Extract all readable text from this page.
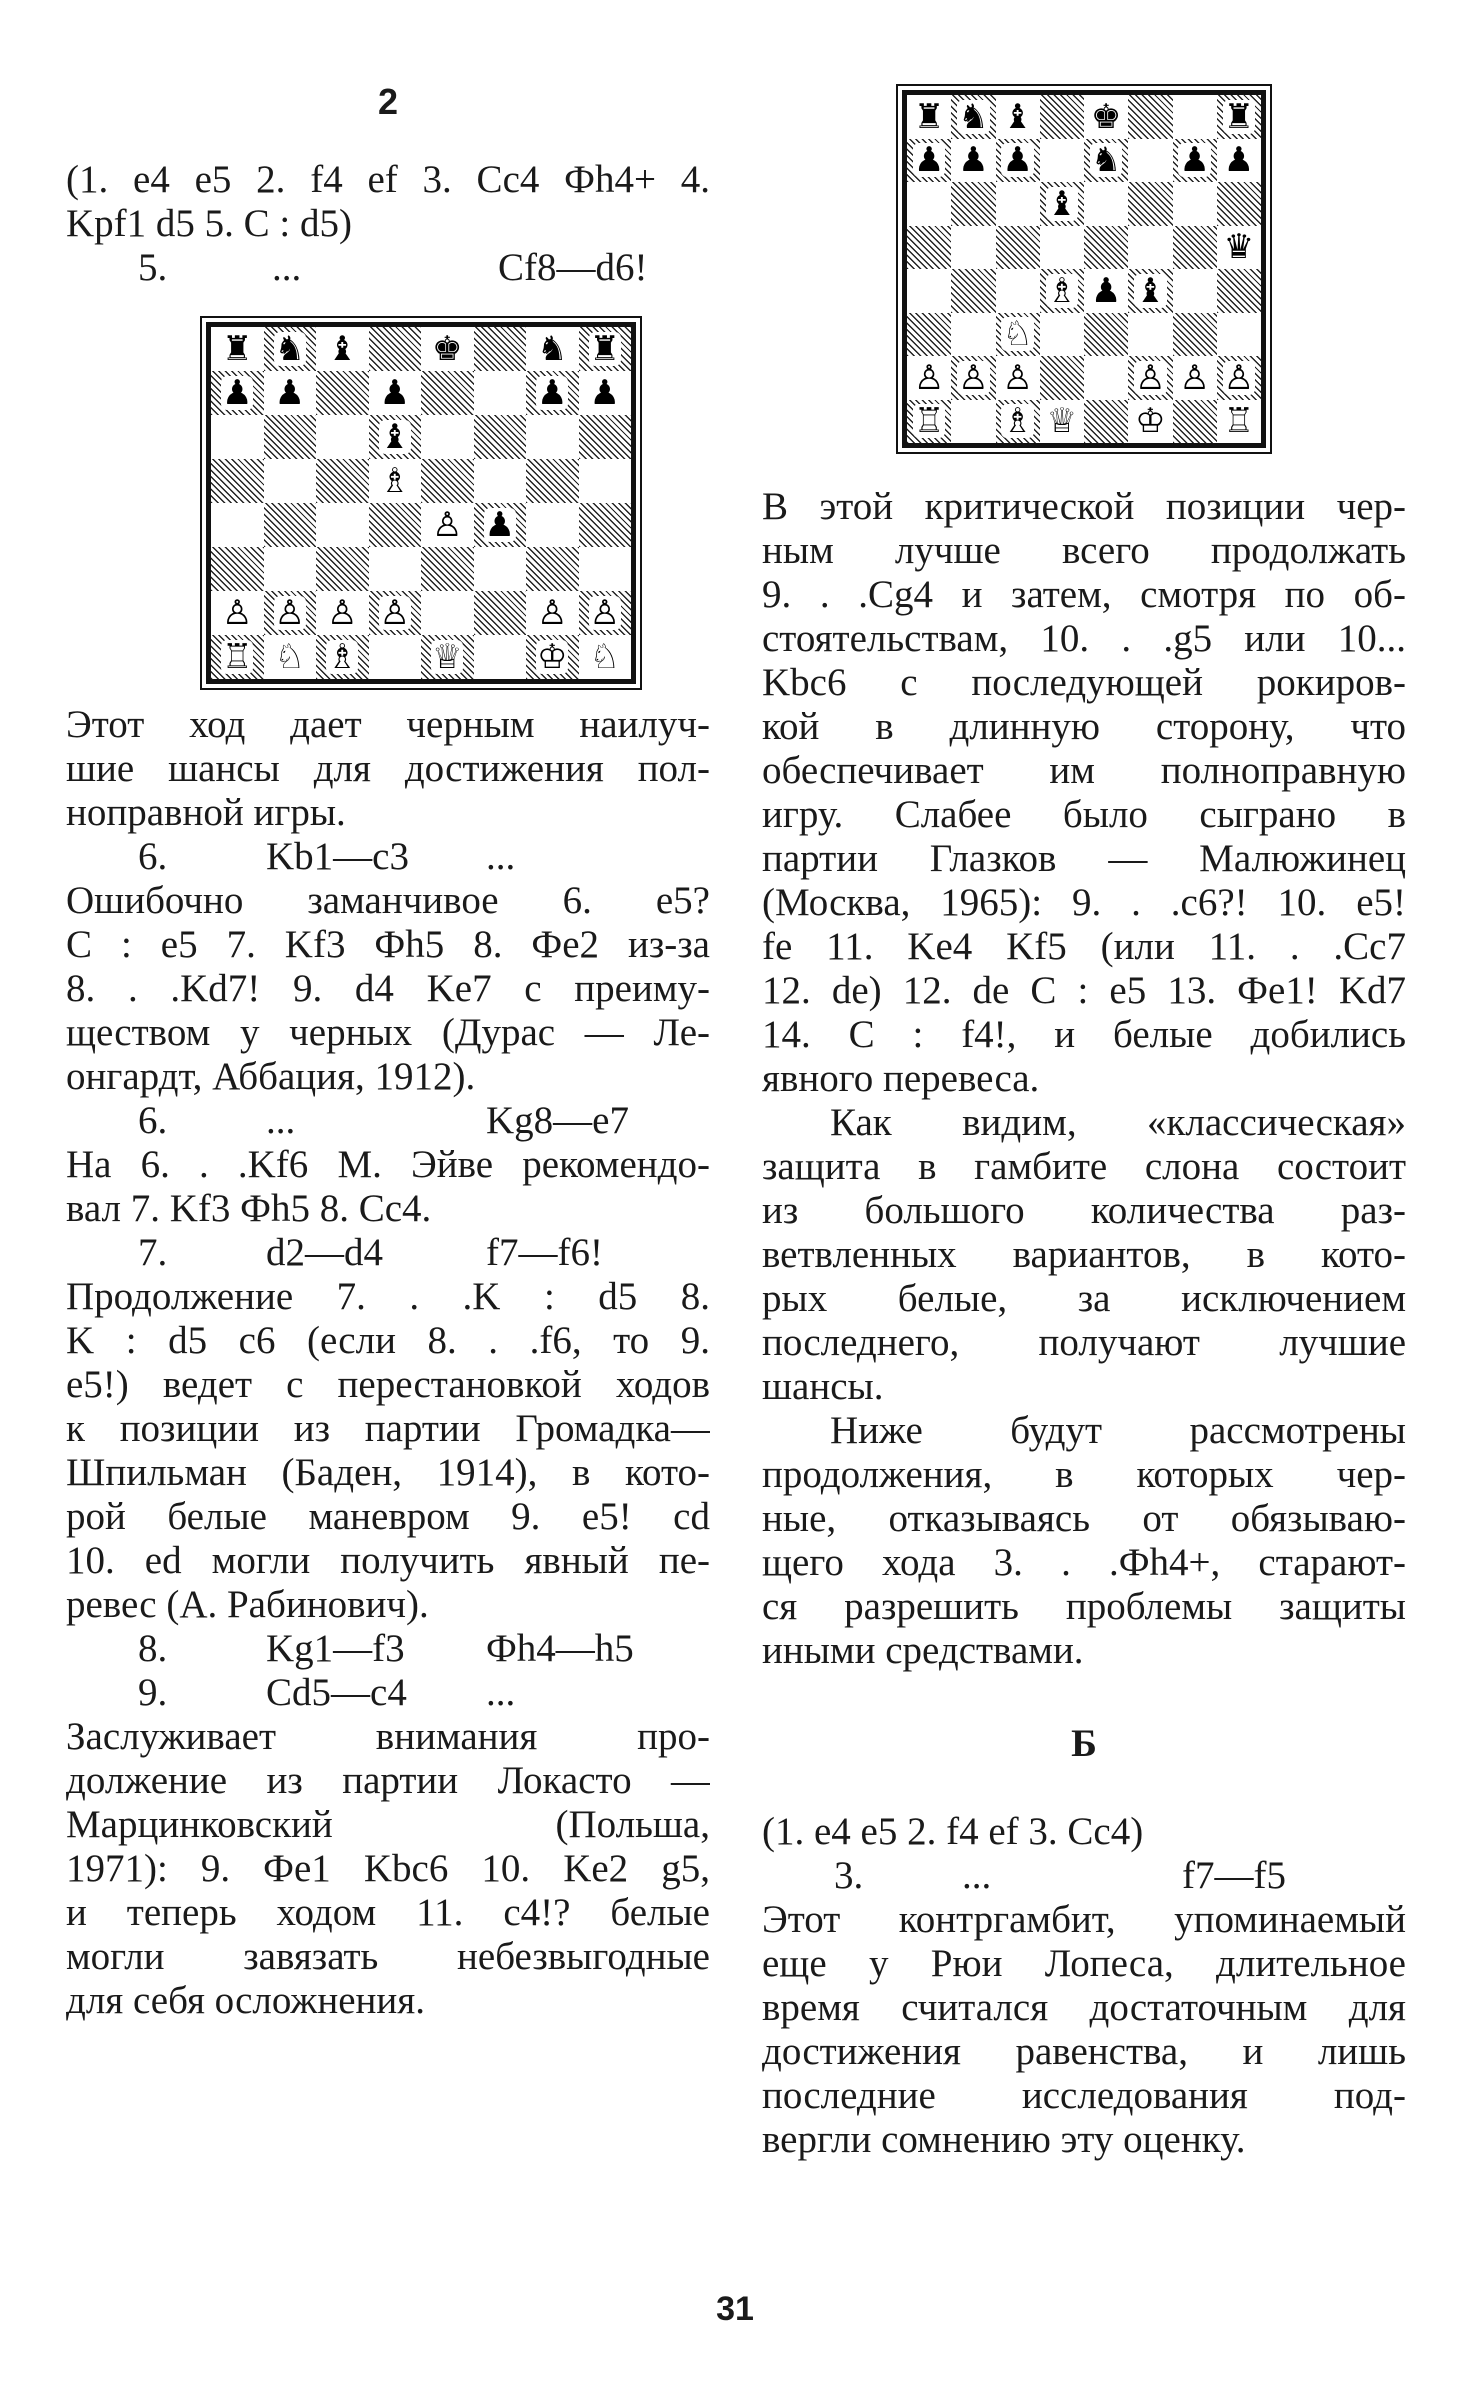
2
(1. e4 e5 2. f4 ef 3. Cc4 Фh4+ 4.
Kpf1 d5 5. C : d5)
5.	...	Cf8—d6!
♜ ♞ ♝ ♚ ♞ ♜
♟ ♟ ♟	♟ ♟
♝
♗
♙ ♟
♙ ♙ ♙ ♙	♙ ♙
♖ ♘ ♗ ♕ ♔ ♘
Этот ход дает черным наилуч-
шие шансы для достижения пол-
ноправной игры.
6.	Kb1—c3 ...
Ошибочно заманчивое 6. e5?
C : e5 7. Kf3 Фh5 8. Фe2 из-за
8. . .Kd7! 9. d4 Ke7 с преиму-
ществом у черных (Дурас — Ле-
онгардт, Аббация, 1912).
6.	...	Kg8—e7
На 6. . .Kf6 М. Эйве рекомендо-
вал 7. Kf3 Фh5 8. Cc4.
7.	d2—d4	f7—f6!
Продолжение 7. . .K : d5 8.
K : d5 c6 (если 8. . .f6, то 9.
e5!) ведет с перестановкой ходов
к позиции из партии Громадка—
Шпильман (Баден, 1914), в кото-
рой белые маневром 9. e5! cd
10. ed могли получить явный пе-
ревес (А. Рабинович).
8.	Kg1—f3 Фh4—h5
9.	Cd5—c4 ...
Заслуживает внимания про-
должение из партии Локасто —
Марцинковский (Польша,
1971): 9. Фe1 Kbc6 10. Ke2 g5,
и теперь ходом 11. c4!? белые
могли завязать небезвыгодные
для себя осложнения.
♜ ♞ ♝ ♚	♜
♟ ♟ ♟ ♞ ♟ ♟
♝
♛
♗ ♟ ♝
♘
♙ ♙ ♙	♙ ♙ ♙
♖ ♗ ♕ ♔ ♖
В этой критической позиции чер-
ным лучше всего продолжать
9. . .Cg4 и затем, смотря по об-
стоятельствам, 10. . .g5 или 10...
Kbc6 с последующей рокиров-
кой в длинную сторону, что
обеспечивает им полноправную
игру. Слабее было сыграно в
партии Глазков — Малюжинец
(Москва, 1965): 9. . .c6?! 10. e5!
fe 11. Ke4 Kf5 (или 11. . .Cc7
12. de) 12. de C : e5 13. Фe1! Kd7
14. C : f4!, и белые добились
явного перевеса.
Как видим, «классическая»
защита в гамбите слона состоит
из большого количества раз-
ветвленных вариантов, в кото-
рых белые, за исключением
последнего, получают лучшие
шансы.
Ниже будут рассмотрены
продолжения, в которых чер-
ные, отказываясь от обязываю-
щего хода 3. . .Фh4+, старают-
ся разрешить проблемы защиты
иными средствами.
Б
(1. e4 e5 2. f4 ef 3. Cc4)
3.	...	f7—f5
Этот контргамбит, упоминаемый
еще у Рюи Лопеса, длительное
время считался достаточным для
достижения равенства, и лишь
последние исследования под-
вергли сомнению эту оценку.
31
